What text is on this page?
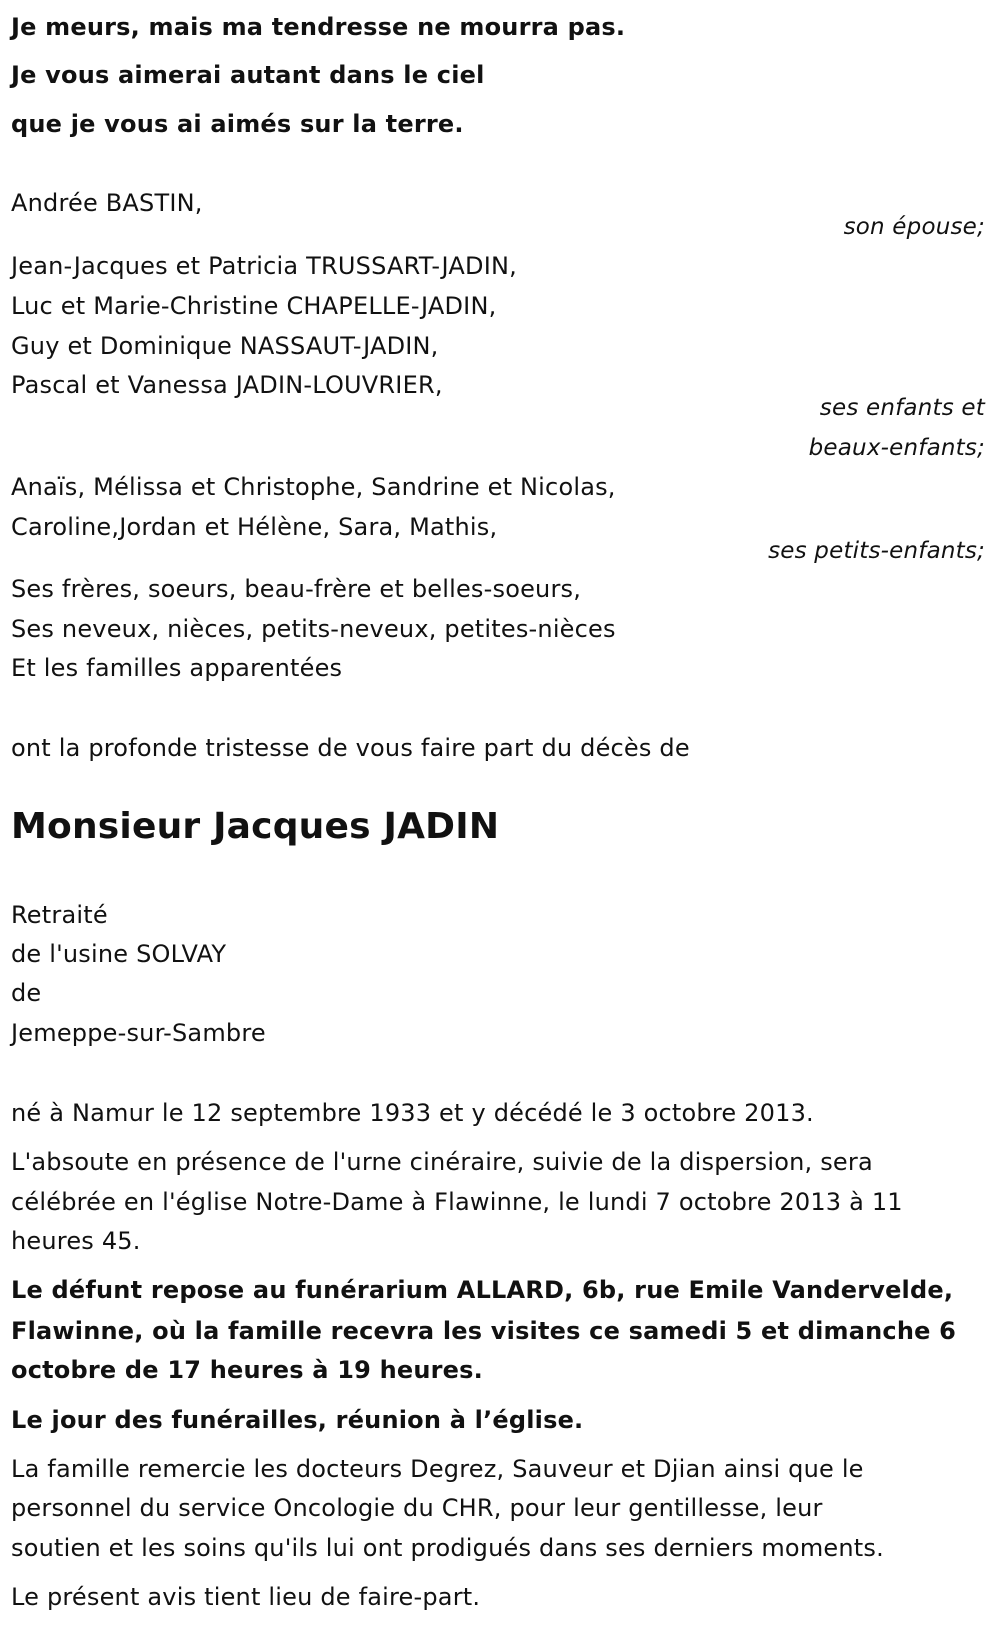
Je meurs, mais ma tendresse ne mourra pas.
Je vous aimerai autant dans le ciel
que je vous ai aimés sur la terre.
Andrée BASTIN,
son épouse;
Jean-Jacques et Patricia TRUSSART-JADIN,
Luc et Marie-Christine CHAPELLE-JADIN,
Guy et Dominique NASSAUT-JADIN,
Pascal et Vanessa JADIN-LOUVRIER,
ses enfants et
beaux-enfants;
Anaïs, Mélissa et Christophe, Sandrine et Nicolas,
Caroline,Jordan et Hélène, Sara, Mathis,
ses petits-enfants;
Ses frères, soeurs, beau-frère et belles-soeurs,
Ses neveux, nièces, petits-neveux, petites-nièces
Et les familles apparentées
ont la profonde tristesse de vous faire part du décès de
Monsieur Jacques JADIN
Retraité
de l'usine SOLVAY
de
Jemeppe-sur-Sambre
né à Namur le 12 septembre 1933 et y décédé le 3 octobre 2013.
L'absoute en présence de l'urne cinéraire, suivie de la dispersion, sera
célébrée en l'église Notre-Dame à Flawinne, le lundi 7 octobre 2013 à 11
heures 45.
Le défunt repose au funérarium ALLARD, 6b, rue Emile Vandervelde,
Flawinne, où la famille recevra les visites ce samedi 5 et dimanche 6
octobre de 17 heures à 19 heures.
Le jour des funérailles, réunion à l’église.
La famille remercie les docteurs Degrez, Sauveur et Djian ainsi que le
personnel du service Oncologie du CHR, pour leur gentillesse, leur
soutien et les soins qu'ils lui ont prodigués dans ses derniers moments.
Le présent avis tient lieu de faire-part.
